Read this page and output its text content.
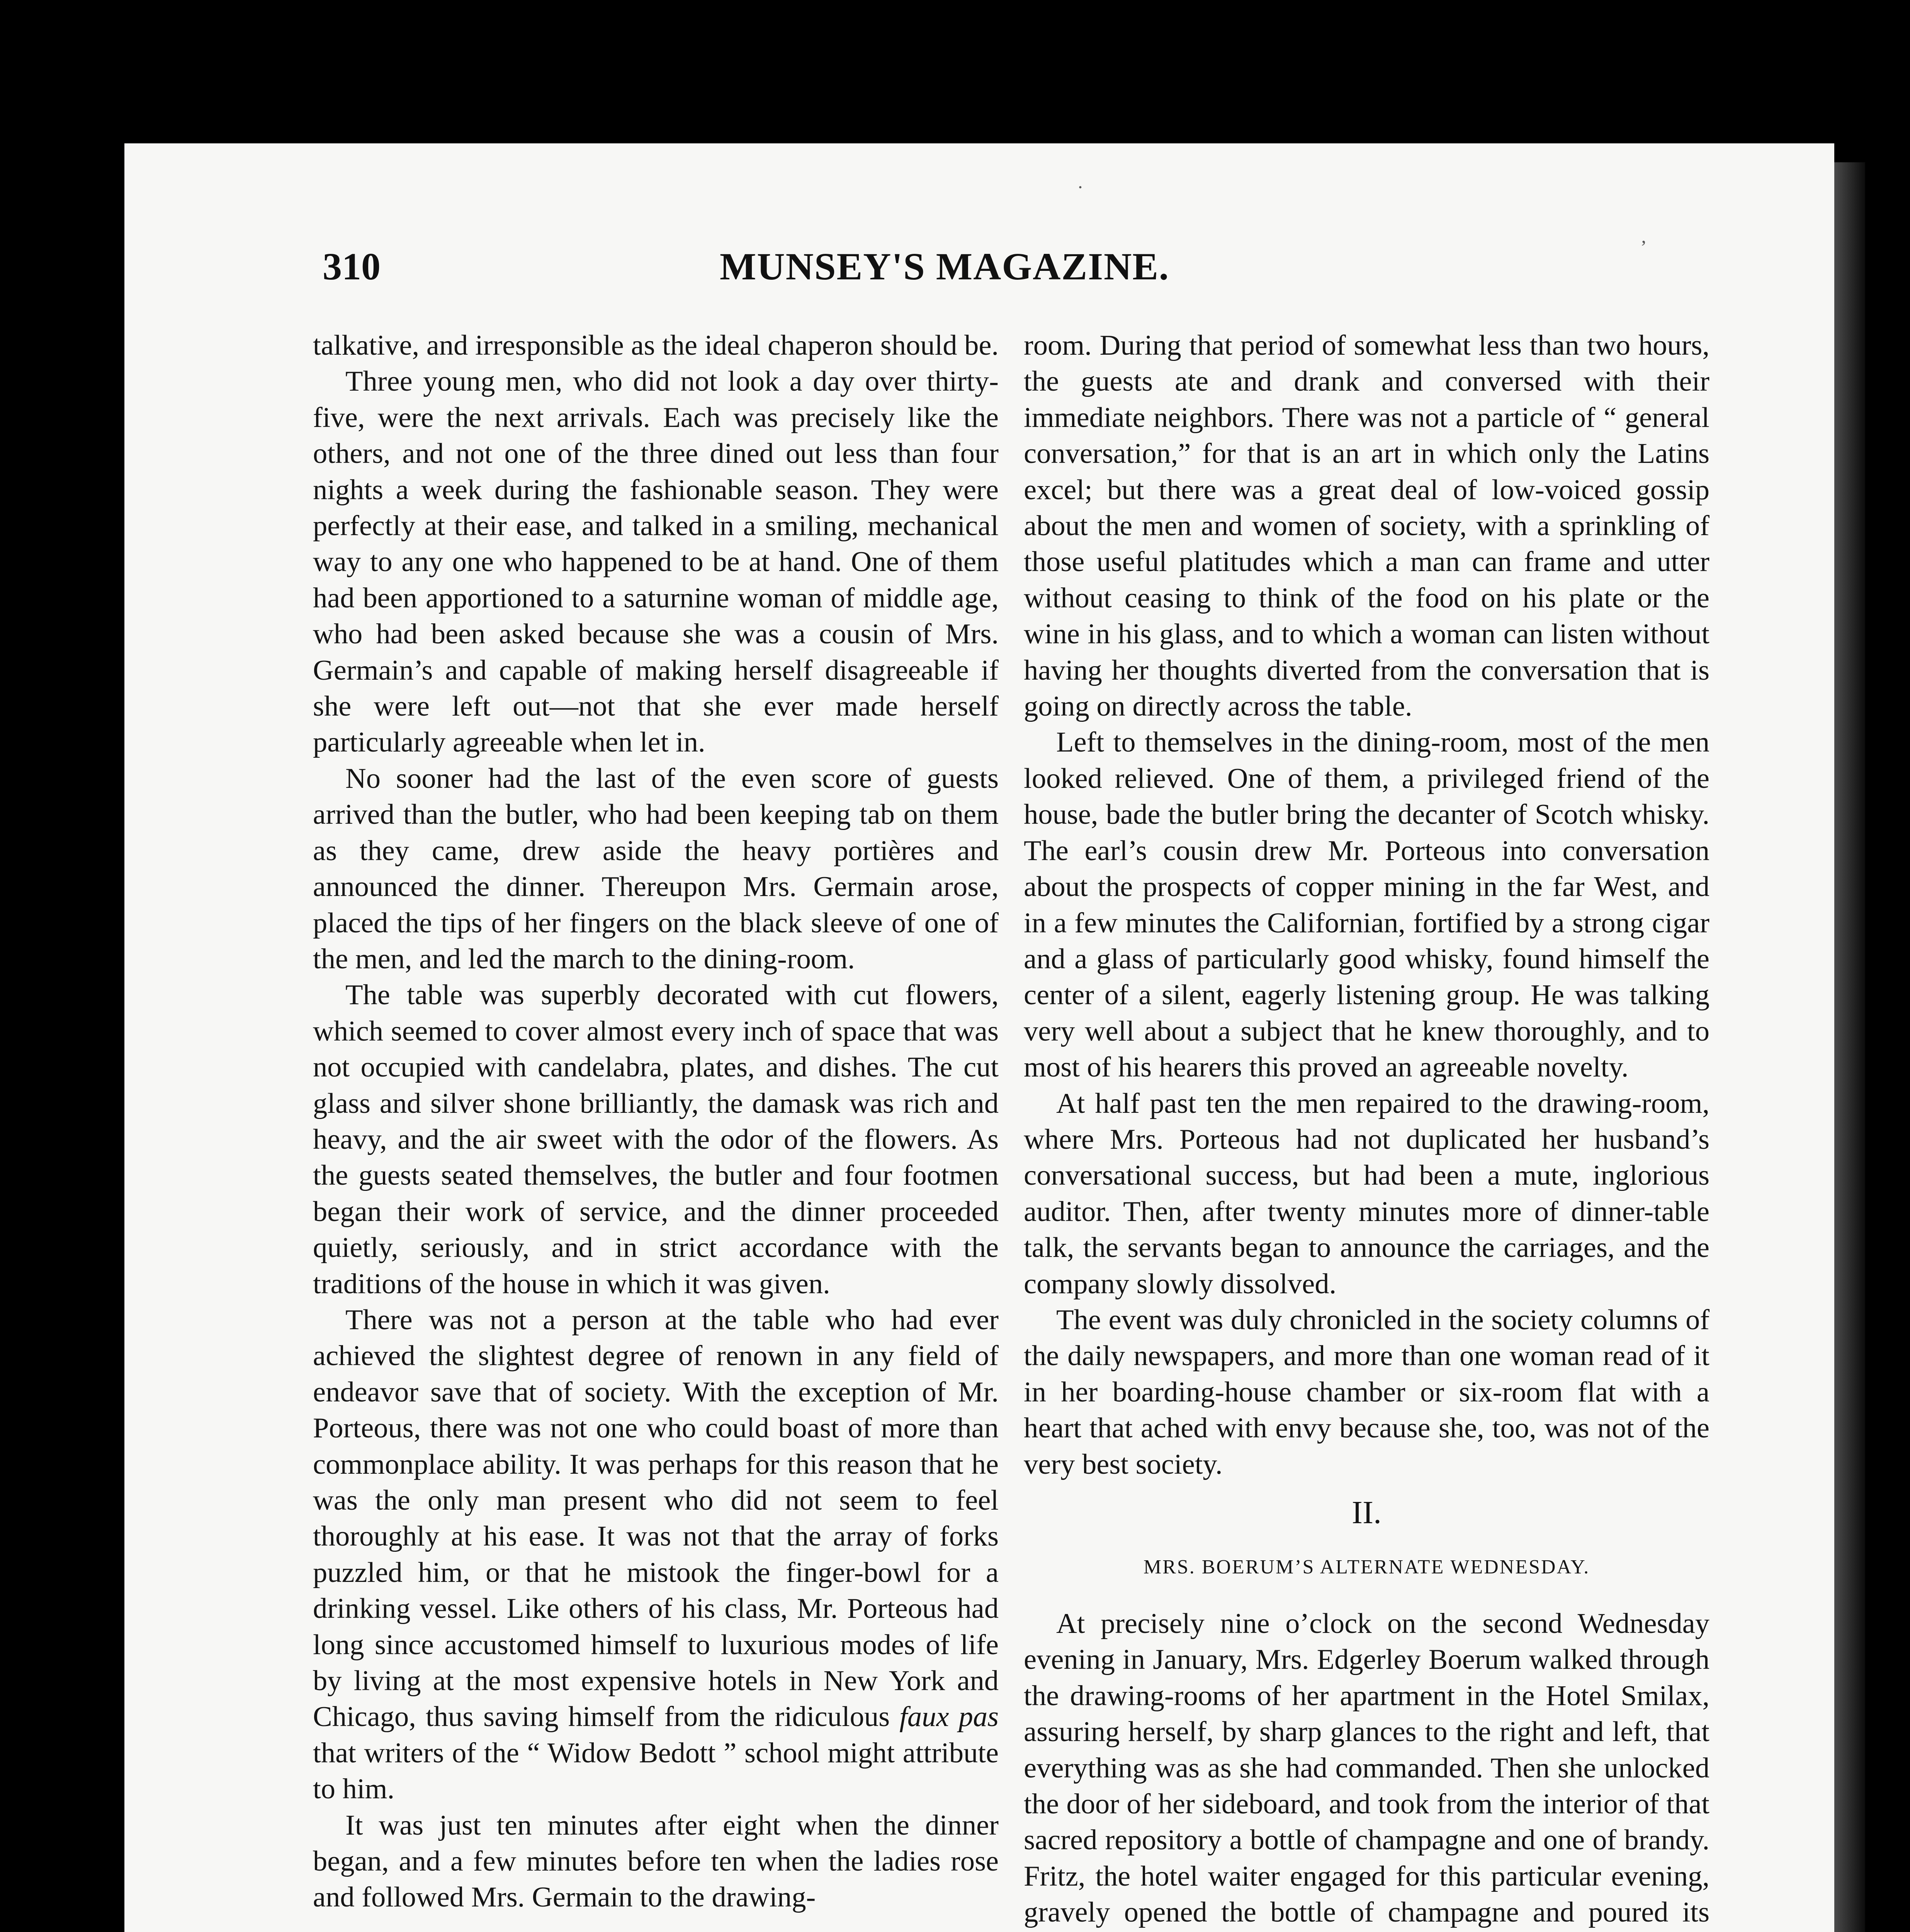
310	MUNSEY'S MAGAZINE.

talkative, and irresponsible as the ideal chaperon should be.

Three young men, who did not look a day over thirty-five, were the next arrivals. Each was precisely like the others, and not one of the three dined out less than four nights a week during the fashionable season. They were perfectly at their ease, and talked in a smiling, mechanical way to any one who happened to be at hand. One of them had been apportioned to a saturnine woman of middle age, who had been asked because she was a cousin of Mrs. Germain’s and capable of making herself disagreeable if she were left out—not that she ever made herself particularly agreeable when let in.

No sooner had the last of the even score of guests arrived than the butler, who had been keeping tab on them as they came, drew aside the heavy portières and announced the dinner. Thereupon Mrs. Germain arose, placed the tips of her fingers on the black sleeve of one of the men, and led the march to the dining-room.

The table was superbly decorated with cut flowers, which seemed to cover almost every inch of space that was not occupied with candelabra, plates, and dishes. The cut glass and silver shone brilliantly, the damask was rich and heavy, and the air sweet with the odor of the flowers. As the guests seated themselves, the butler and four footmen began their work of service, and the dinner proceeded quietly, seriously, and in strict accordance with the traditions of the house in which it was given.

There was not a person at the table who had ever achieved the slightest degree of renown in any field of endeavor save that of society. With the exception of Mr. Porteous, there was not one who could boast of more than commonplace ability. It was perhaps for this reason that he was the only man present who did not seem to feel thoroughly at his ease. It was not that the array of forks puzzled him, or that he mistook the finger-bowl for a drinking vessel. Like others of his class, Mr. Porteous had long since accustomed himself to luxurious modes of life by living at the most expensive hotels in New York and Chicago, thus saving himself from the ridiculous faux pas that writers of the “ Widow Bedott ” school might attribute to him.

It was just ten minutes after eight when the dinner began, and a few minutes before ten when the ladies rose and followed Mrs. Germain to the drawing-

room. During that period of somewhat less than two hours, the guests ate and drank and conversed with their immediate neighbors. There was not a particle of “ general conversation,” for that is an art in which only the Latins excel; but there was a great deal of low-voiced gossip about the men and women of society, with a sprinkling of those useful platitudes which a man can frame and utter without ceasing to think of the food on his plate or the wine in his glass, and to which a woman can listen without having her thoughts diverted from the conversation that is going on directly across the table.

Left to themselves in the dining-room, most of the men looked relieved. One of them, a privileged friend of the house, bade the butler bring the decanter of Scotch whisky. The earl’s cousin drew Mr. Porteous into conversation about the prospects of copper mining in the far West, and in a few minutes the Californian, fortified by a strong cigar and a glass of particularly good whisky, found himself the center of a silent, eagerly listening group. He was talking very well about a subject that he knew thoroughly, and to most of his hearers this proved an agreeable novelty.

At half past ten the men repaired to the drawing-room, where Mrs. Porteous had not duplicated her husband’s conversational success, but had been a mute, inglorious auditor. Then, after twenty minutes more of dinner-table talk, the servants began to announce the carriages, and the company slowly dissolved.

The event was duly chronicled in the society columns of the daily newspapers, and more than one woman read of it in her boarding-house chamber or six-room flat with a heart that ached with envy because she, too, was not of the very best society.

II.
MRS. BOERUM’S ALTERNATE WEDNESDAY.

At precisely nine o’clock on the second Wednesday evening in January, Mrs. Edgerley Boerum walked through the drawing-rooms of her apartment in the Hotel Smilax, assuring herself, by sharp glances to the right and left, that everything was as she had commanded. Then she unlocked the door of her sideboard, and took from the interior of that sacred repository a bottle of champagne and one of brandy. Fritz, the hotel waiter engaged for this particular evening, gravely opened the bottle of champagne and poured its

·
ʼ
